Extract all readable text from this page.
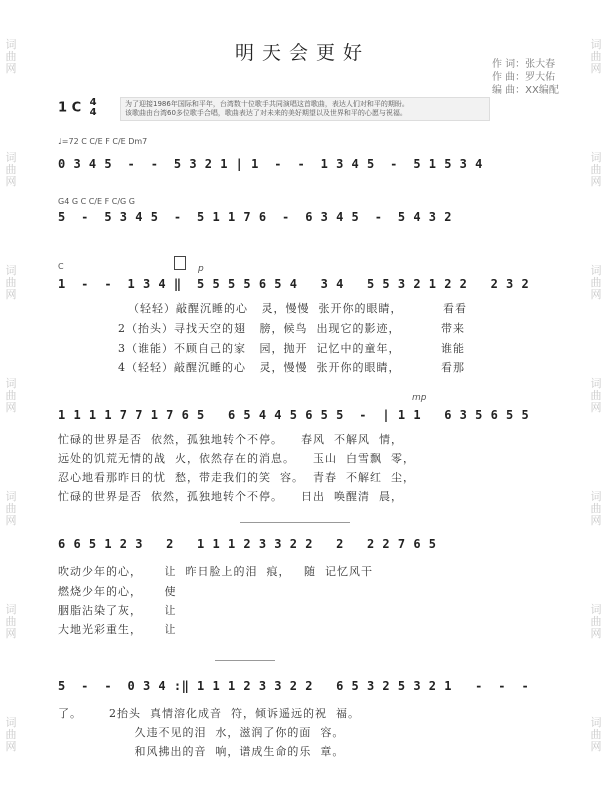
词
曲
网
词
曲
网
词
曲
网
词
曲
网
词
曲
网
词
曲
网
词
曲
网
词
曲
网
词
曲
网
词
曲
网
词
曲
网
词
曲
网
词
曲
网
词
曲
网
明天会更好
作 词：张大春
作 曲：罗大佑
编 曲：XX编配
1 C 4
4
为了迎接1986年国际和平年，台湾数十位歌手共同演唱这首歌曲，表达人们对和平的期盼。
该歌曲由台湾60多位歌手合唱，歌曲表达了对未来的美好期望以及世界和平的心愿与祝福。
♩=72 C C/E F C/E Dm7
0 3 4 5  -  -  5 3 2 1 | 1  -  -  1 3 4 5  -  5 1 5 3 4
G4 G C C/E F C/G G
5  -  5 3 4 5  -  5 1 1 7 6  -  6 3 4 5  -  5 4 3 2
C	p
1  -  -  1 3 4 ‖  5 5 5 5 6 5 4   3 4   5 5 3 2 1 2 2   2 3 2
（轻轻）敲醒沉睡的心   灵，慢慢  张开你的眼睛，         看看
2（抬头）寻找天空的翅   膀，候鸟  出现它的影迹，         带来
3（谁能）不顾自己的家   园，抛开  记忆中的童年，         谁能
4（轻轻）敲醒沉睡的心   灵，慢慢  张开你的眼睛，         看那
mp
1 1 1 1 7 7 1 7 6 5   6 5 4 4 5 6 5 5  -  | 1 1   6 3 5 6 5 5
忙碌的世界是否  依然，孤独地转个不停。    春风  不解风  情，
远处的饥荒无情的战  火，依然存在的消息。    玉山  白雪飘  零，
忍心地看那昨日的忧  愁，带走我们的笑  容。  青春  不解红  尘，
忙碌的世界是否  依然，孤独地转个不停。    日出  唤醒清  晨，
6 6 5 1 2 3   2   1 1 1 2 3 3 2 2   2   2 2 7 6 5
吹动少年的心，     让  昨日脸上的泪  痕，   随  记忆风干
燃烧少年的心，     使
胭脂沾染了灰，     让
大地光彩重生，     让
5  -  -  0 3 4 :‖ 1 1 1 2 3 3 2 2   6 5 3 2 5 3 2 1   -  -  -
了。      2抬头  真情溶化成音  符，倾诉遥远的祝  福。
久违不见的泪  水，滋润了你的面  容。
和风拂出的音  响，谱成生命的乐  章。
